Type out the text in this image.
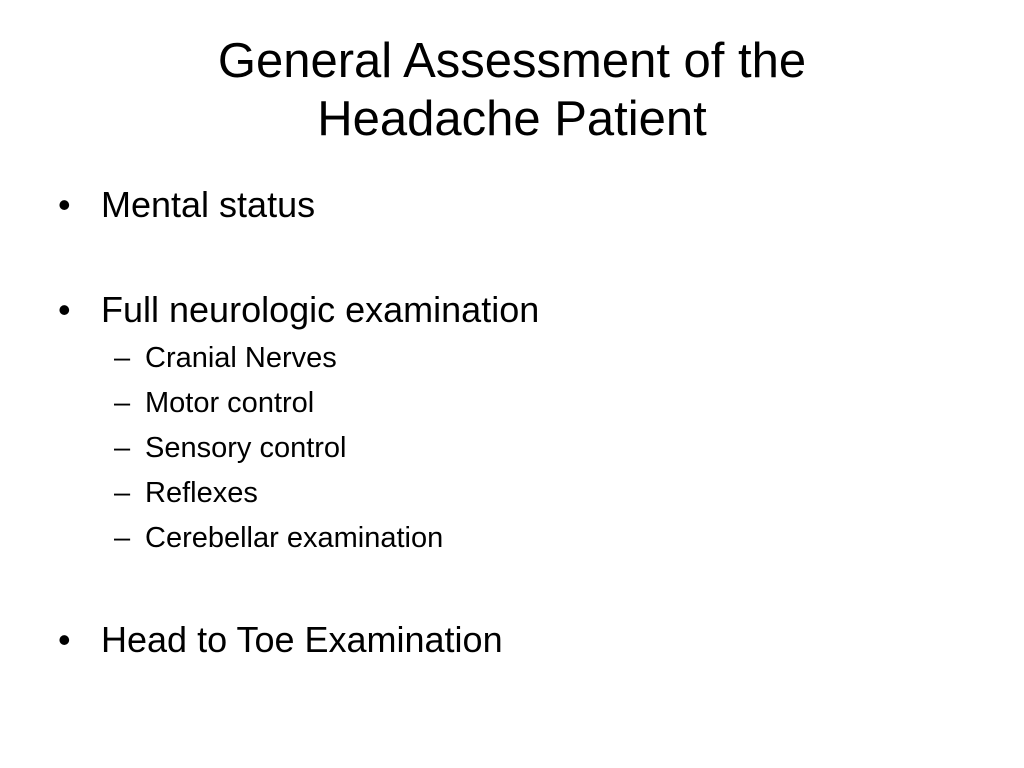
General Assessment of the
Headache Patient
• Mental status
• Full neurologic examination
– Cranial Nerves
– Motor control
– Sensory control
– Reflexes
– Cerebellar examination
• Head to Toe Examination
